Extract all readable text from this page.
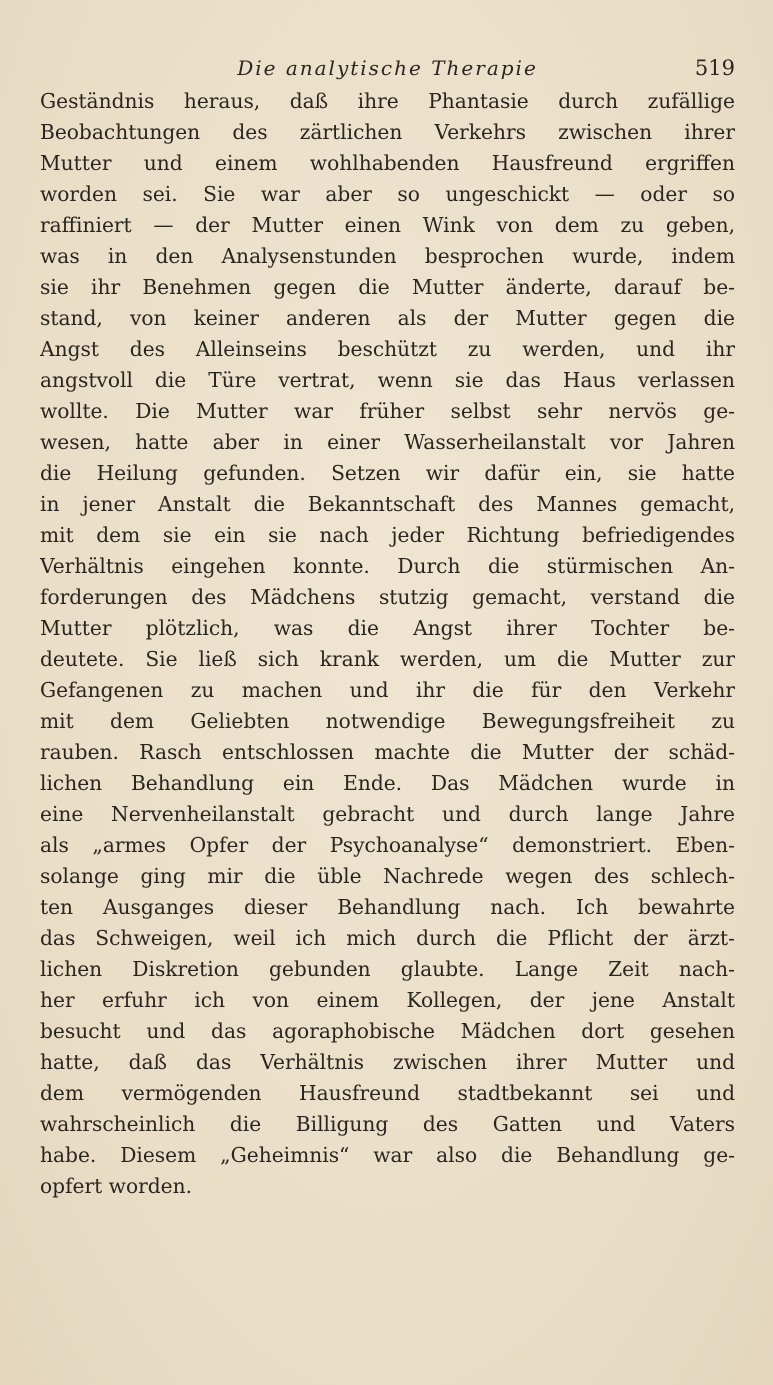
Die analytische Therapie	519
Geständnis heraus, daß ihre Phantasie durch zufällige
Beobachtungen des zärtlichen Verkehrs zwischen ihrer
Mutter und einem wohlhabenden Hausfreund ergriffen
worden sei. Sie war aber so ungeschickt — oder so
raffiniert — der Mutter einen Wink von dem zu geben,
was in den Analysenstunden besprochen wurde, indem
sie ihr Benehmen gegen die Mutter änderte, darauf be-
stand, von keiner anderen als der Mutter gegen die
Angst des Alleinseins beschützt zu werden, und ihr
angstvoll die Türe vertrat, wenn sie das Haus verlassen
wollte. Die Mutter war früher selbst sehr nervös ge-
wesen, hatte aber in einer Wasserheilanstalt vor Jahren
die Heilung gefunden. Setzen wir dafür ein, sie hatte
in jener Anstalt die Bekanntschaft des Mannes gemacht,
mit dem sie ein sie nach jeder Richtung befriedigendes
Verhältnis eingehen konnte. Durch die stürmischen An-
forderungen des Mädchens stutzig gemacht, verstand die
Mutter plötzlich, was die Angst ihrer Tochter be-
deutete. Sie ließ sich krank werden, um die Mutter zur
Gefangenen zu machen und ihr die für den Verkehr
mit dem Geliebten notwendige Bewegungsfreiheit zu
rauben. Rasch entschlossen machte die Mutter der schäd-
lichen Behandlung ein Ende. Das Mädchen wurde in
eine Nervenheilanstalt gebracht und durch lange Jahre
als „armes Opfer der Psychoanalyse“ demonstriert. Eben-
solange ging mir die üble Nachrede wegen des schlech-
ten Ausganges dieser Behandlung nach. Ich bewahrte
das Schweigen, weil ich mich durch die Pflicht der ärzt-
lichen Diskretion gebunden glaubte. Lange Zeit nach-
her erfuhr ich von einem Kollegen, der jene Anstalt
besucht und das agoraphobische Mädchen dort gesehen
hatte, daß das Verhältnis zwischen ihrer Mutter und
dem vermögenden Hausfreund stadtbekannt sei und
wahrscheinlich die Billigung des Gatten und Vaters
habe. Diesem „Geheimnis“ war also die Behandlung ge-
opfert worden.
